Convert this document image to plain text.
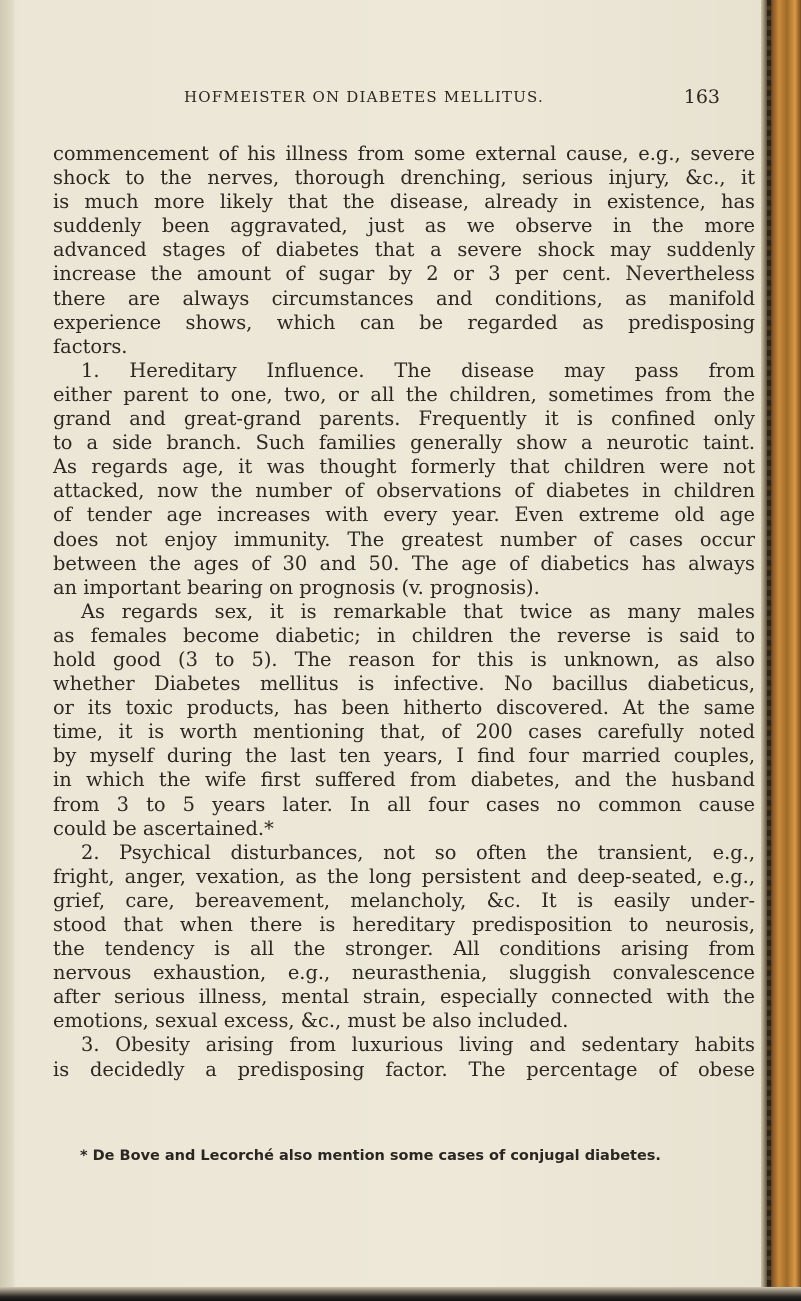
HOFMEISTER ON DIABETES MELLITUS.	163
commencement of his illness from some external cause, e.g., severe
shock to the nerves, thorough drenching, serious injury, &c., it
is much more likely that the disease, already in existence, has
suddenly been aggravated, just as we observe in the more
advanced stages of diabetes that a severe shock may suddenly
increase the amount of sugar by 2 or 3 per cent. Nevertheless
there are always circumstances and conditions, as manifold
experience shows, which can be regarded as predisposing
factors.
1. Hereditary Influence. The disease may pass from
either parent to one, two, or all the children, sometimes from the
grand and great-grand parents. Frequently it is confined only
to a side branch. Such families generally show a neurotic taint.
As regards age, it was thought formerly that children were not
attacked, now the number of observations of diabetes in children
of tender age increases with every year. Even extreme old age
does not enjoy immunity. The greatest number of cases occur
between the ages of 30 and 50. The age of diabetics has always
an important bearing on prognosis (v. prognosis).
As regards sex, it is remarkable that twice as many males
as females become diabetic; in children the reverse is said to
hold good (3 to 5). The reason for this is unknown, as also
whether Diabetes mellitus is infective. No bacillus diabeticus,
or its toxic products, has been hitherto discovered. At the same
time, it is worth mentioning that, of 200 cases carefully noted
by myself during the last ten years, I find four married couples,
in which the wife first suffered from diabetes, and the husband
from 3 to 5 years later. In all four cases no common cause
could be ascertained.*
2. Psychical disturbances, not so often the transient, e.g.,
fright, anger, vexation, as the long persistent and deep-seated, e.g.,
grief, care, bereavement, melancholy, &c. It is easily under-
stood that when there is hereditary predisposition to neurosis,
the tendency is all the stronger. All conditions arising from
nervous exhaustion, e.g., neurasthenia, sluggish convalescence
after serious illness, mental strain, especially connected with the
emotions, sexual excess, &c., must be also included.
3. Obesity arising from luxurious living and sedentary habits
is decidedly a predisposing factor. The percentage of obese
* De Bove and Lecorché also mention some cases of conjugal diabetes.
